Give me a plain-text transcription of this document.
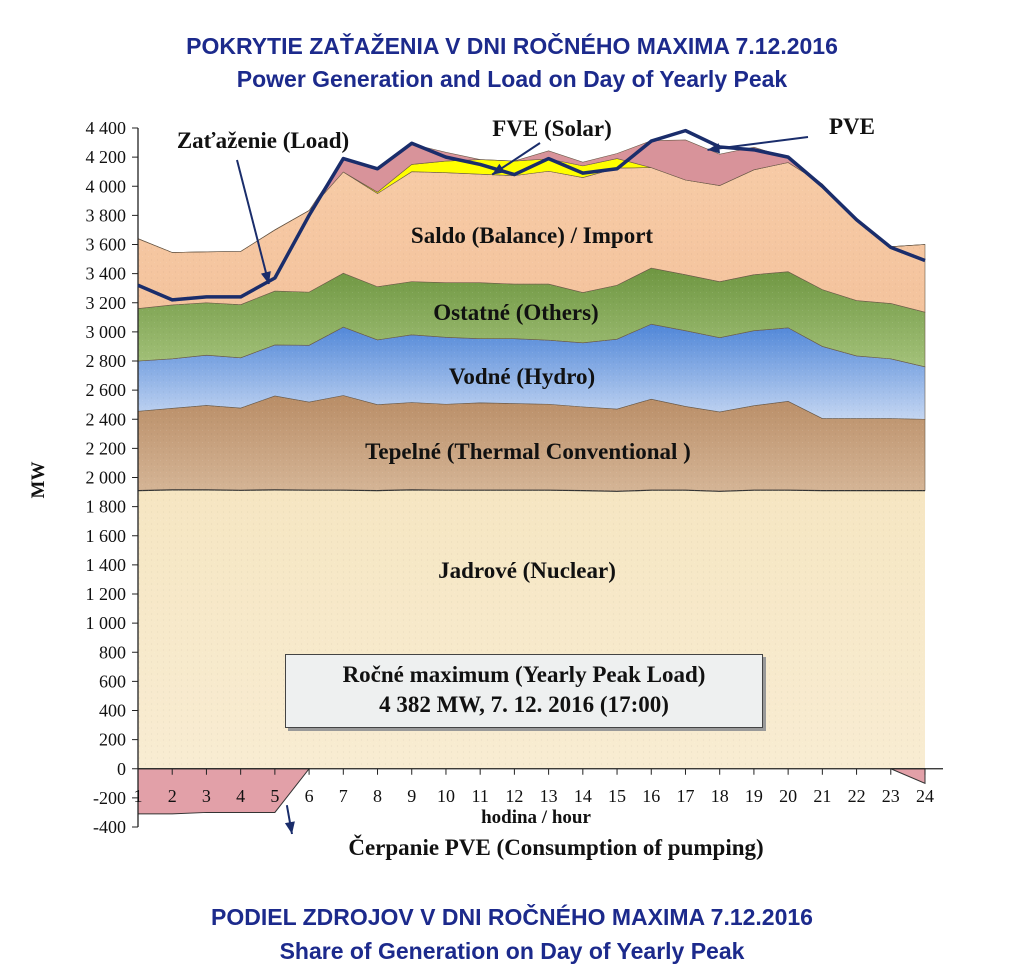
POKRYTIE ZAŤAŽENIA V DNI ROČNÉHO MAXIMA 7.12.2016
Power Generation and Load on Day of Yearly Peak
4 400
4 200
4 000
3 800
3 600
3 400
3 200
3 000
2 800
2 600
2 400
2 200
2 000
1 800
1 600
1 400
1 200
1 000
800
600
400
200
0
-200
-400
1 2 3 4 5 6 7 8 9 10 11 12 13 14 15 16 17 18 19 20 21 22 23 24
MW
hodina / hour
Jadrové (Nuclear)
Tepelné (Thermal Conventional )
Vodné (Hydro)
Ostatné (Others)
Saldo (Balance) / Import
FVE (Solar)	PVE
Zaťaženie (Load)
Čerpanie PVE (Consumption of pumping)
Ročné maximum (Yearly Peak Load)
4 382 MW, 7. 12. 2016 (17:00)
PODIEL ZDROJOV V DNI ROČNÉHO MAXIMA 7.12.2016
Share of Generation on Day of Yearly Peak
